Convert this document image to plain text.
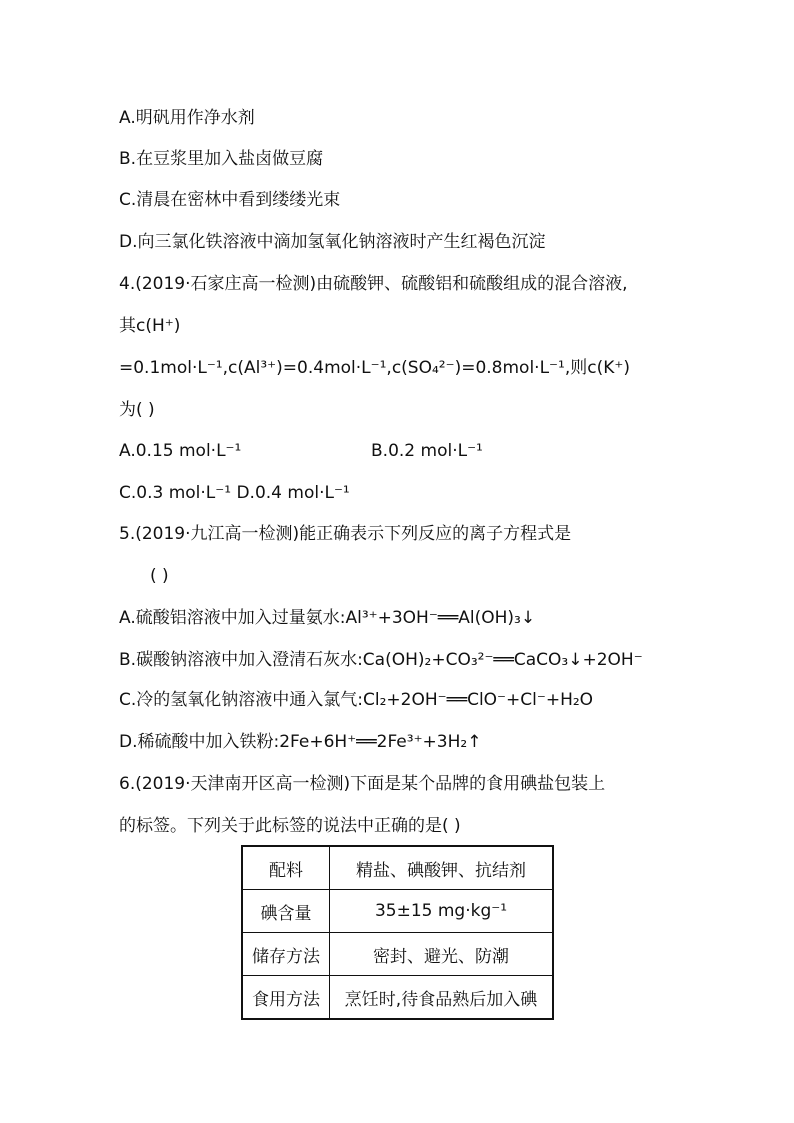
A.明矾用作净水剂
B.在豆浆里加入盐卤做豆腐
C.清晨在密林中看到缕缕光束
D.向三氯化铁溶液中滴加氢氧化钠溶液时产生红褐色沉淀
4.(2019·石家庄高一检测)由硫酸钾、硫酸铝和硫酸组成的混合溶液,
其c(H⁺)
=0.1mol·L⁻¹,c(Al³⁺)=0.4mol·L⁻¹,c(SO₄²⁻)=0.8mol·L⁻¹,则c(K⁺)
为( )
A.0.15 mol·L⁻¹	B.0.2 mol·L⁻¹
C.0.3 mol·L⁻¹ D.0.4 mol·L⁻¹
5.(2019·九江高一检测)能正确表示下列反应的离子方程式是
( )
A.硫酸铝溶液中加入过量氨水:Al³⁺+3OH⁻══Al(OH)₃↓
B.碳酸钠溶液中加入澄清石灰水:Ca(OH)₂+CO₃²⁻══CaCO₃↓+2OH⁻
C.冷的氢氧化钠溶液中通入氯气:Cl₂+2OH⁻══ClO⁻+Cl⁻+H₂O
D.稀硫酸中加入铁粉:2Fe+6H⁺══2Fe³⁺+3H₂↑
6.(2019·天津南开区高一检测)下面是某个品牌的食用碘盐包装上
的标签。下列关于此标签的说法中正确的是( )
配料	精盐、碘酸钾、抗结剂
碘含量	35±15 mg·kg⁻¹
储存方法	密封、避光、防潮
食用方法	烹饪时,待食品熟后加入碘
